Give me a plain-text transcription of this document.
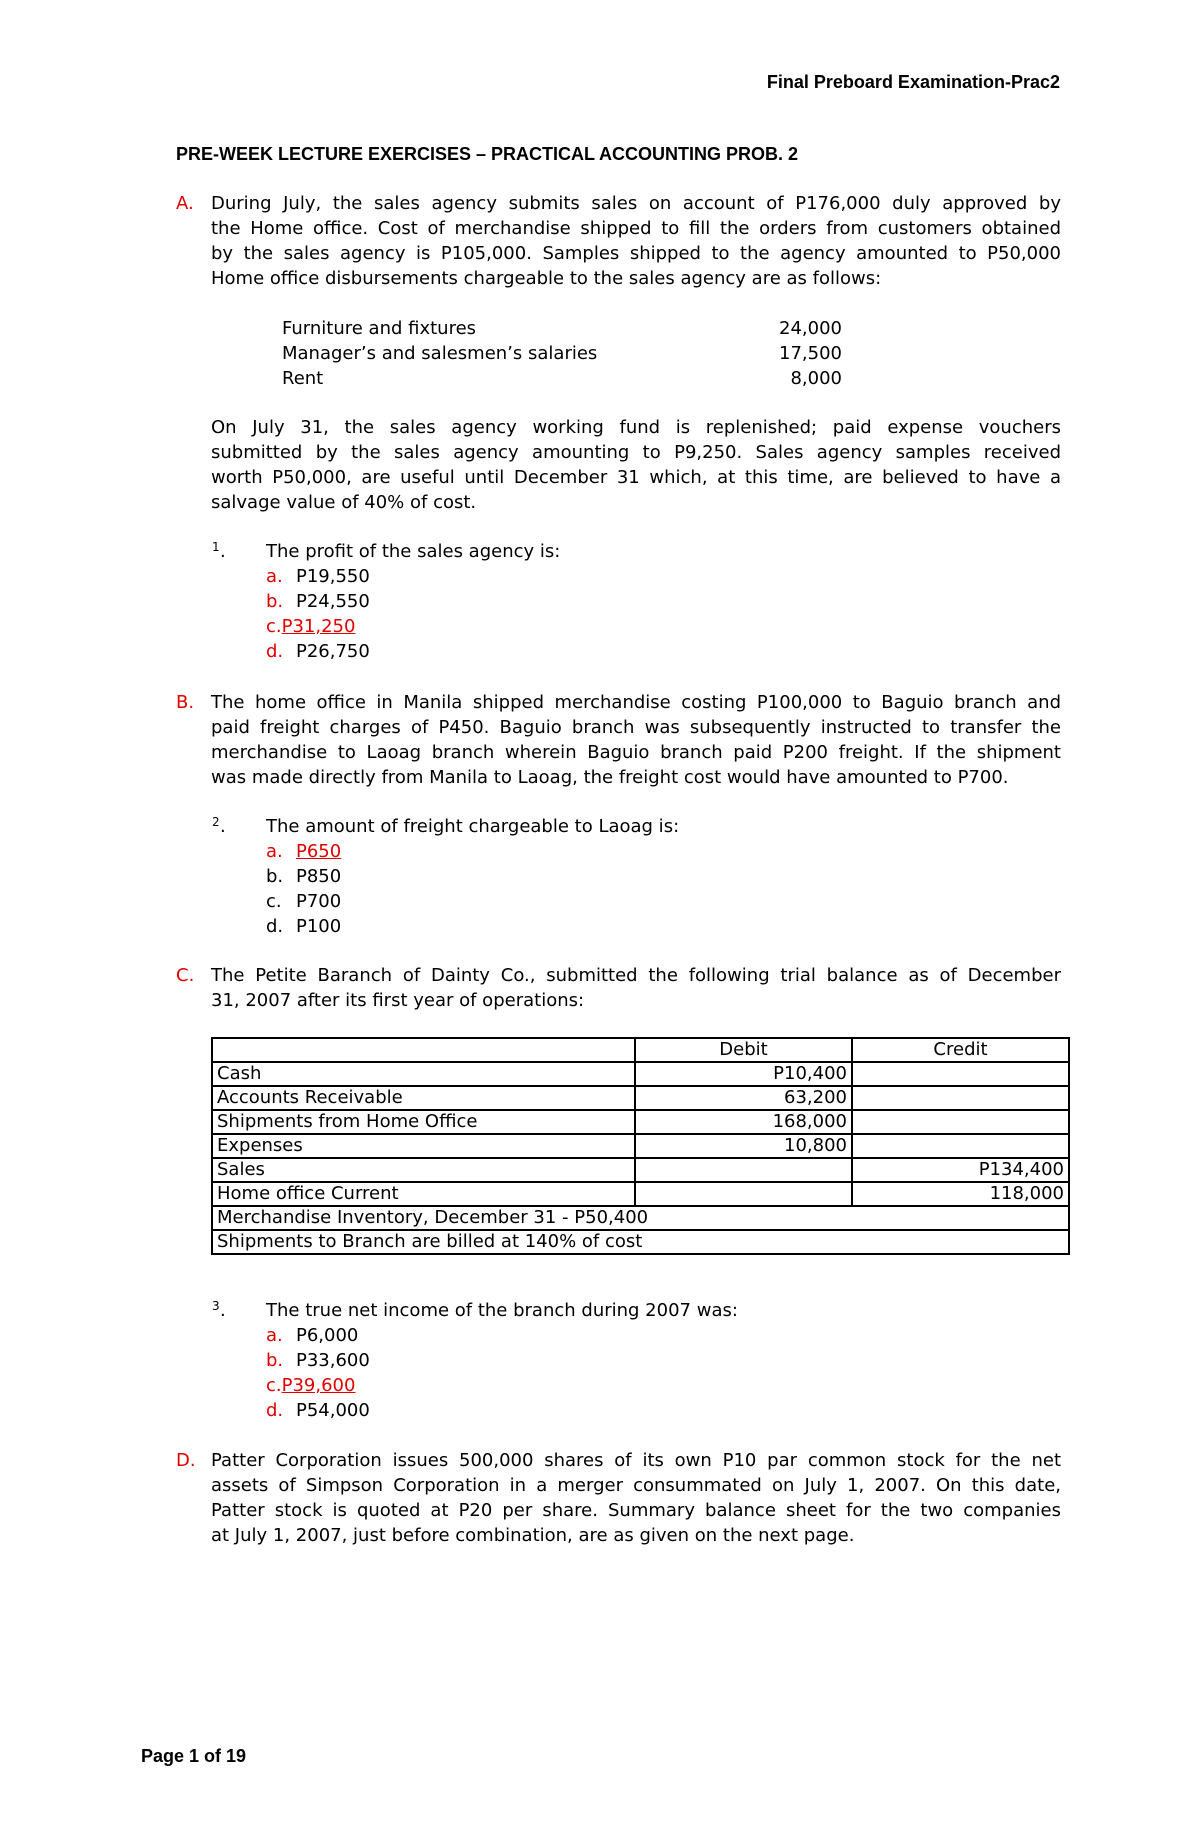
Final Preboard Examination-Prac2
PRE-WEEK LECTURE EXERCISES – PRACTICAL ACCOUNTING PROB. 2
A. During July, the sales agency submits sales on account of P176,000 duly approved by
the Home office. Cost of merchandise shipped to fill the orders from customers obtained
by the sales agency is P105,000. Samples shipped to the agency amounted to P50,000
Home office disbursements chargeable to the sales agency are as follows:
Furniture and fixtures	24,000
Manager’s and salesmen’s salaries	17,500
Rent	8,000
On July 31, the sales agency working fund is replenished; paid expense vouchers
submitted by the sales agency amounting to P9,250. Sales agency samples received
worth P50,000, are useful until December 31 which, at this time, are believed to have a
salvage value of 40% of cost.
1 . The profit of the sales agency is:
a. P19,550
b. P24,550
c.P31,250
d. P26,750
B. The home office in Manila shipped merchandise costing P100,000 to Baguio branch and
paid freight charges of P450. Baguio branch was subsequently instructed to transfer the
merchandise to Laoag branch wherein Baguio branch paid P200 freight. If the shipment
was made directly from Manila to Laoag, the freight cost would have amounted to P700.
2 . The amount of freight chargeable to Laoag is:
a. P650
b. P850
c. P700
d. P100
C. The Petite Baranch of Dainty Co., submitted the following trial balance as of December
31, 2007 after its first year of operations:
	Debit	Credit
Cash	P10,400	
Accounts Receivable	63,200	
Shipments from Home Office	168,000	
Expenses	10,800	
Sales		P134,400
Home office Current		118,000
Merchandise Inventory, December 31 - P50,400		
Shipments to Branch are billed at 140% of cost		
3 . The true net income of the branch during 2007 was:
a. P6,000
b. P33,600
c.P39,600
d. P54,000
D. Patter Corporation issues 500,000 shares of its own P10 par common stock for the net
assets of Simpson Corporation in a merger consummated on July 1, 2007. On this date,
Patter stock is quoted at P20 per share. Summary balance sheet for the two companies
at July 1, 2007, just before combination, are as given on the next page.
Page 1 of 19
